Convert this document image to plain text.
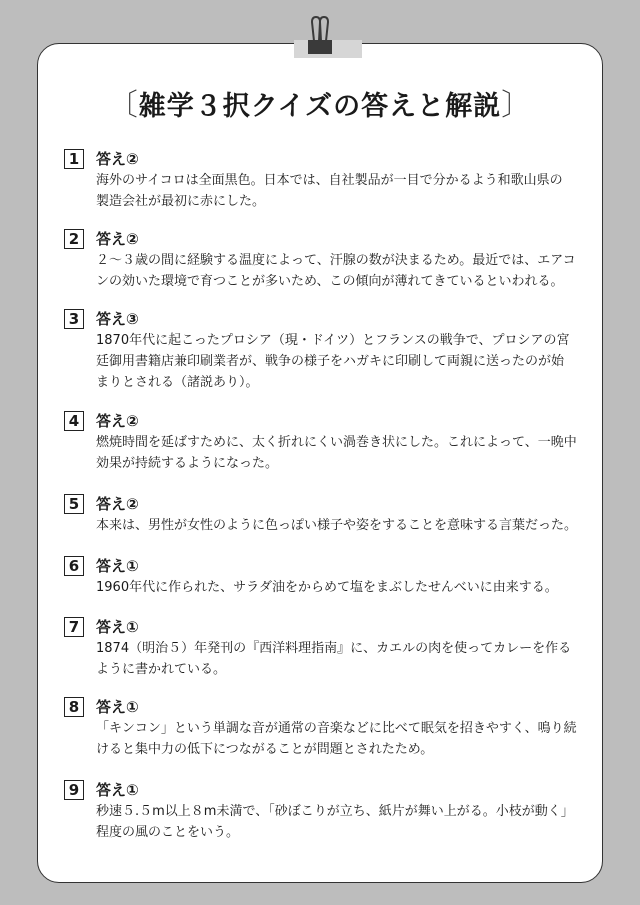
〔雑学３択クイズの答えと解説〕
1	答え②
海外のサイコロは全面黒色。日本では、自社製品が一目で分かるよう和歌山県の
製造会社が最初に赤にした。
2	答え②
２～３歳の間に経験する温度によって、汗腺の数が決まるため。最近では、エアコ
ンの効いた環境で育つことが多いため、この傾向が薄れてきているといわれる。
3	答え③
1870年代に起こったプロシア（現・ドイツ）とフランスの戦争で、プロシアの宮
廷御用書籍店兼印刷業者が、戦争の様子をハガキに印刷して両親に送ったのが始
まりとされる（諸説あり）。
4	答え②
燃焼時間を延ばすために、太く折れにくい渦巻き状にした。これによって、一晩中
効果が持続するようになった。
5	答え②
本来は、男性が女性のように色っぽい様子や姿をすることを意味する言葉だった。
6	答え①
1960年代に作られた、サラダ油をからめて塩をまぶしたせんべいに由来する。
7	答え①
1874（明治５）年発刊の『西洋料理指南』に、カエルの肉を使ってカレーを作る
ように書かれている。
8	答え①
「キンコン」という単調な音が通常の音楽などに比べて眠気を招きやすく、鳴り続
けると集中力の低下につながることが問題とされたため。
9	答え①
秒速５.５m以上８m未満で、「砂ぼこりが立ち、紙片が舞い上がる。小枝が動く」
程度の風のことをいう。
